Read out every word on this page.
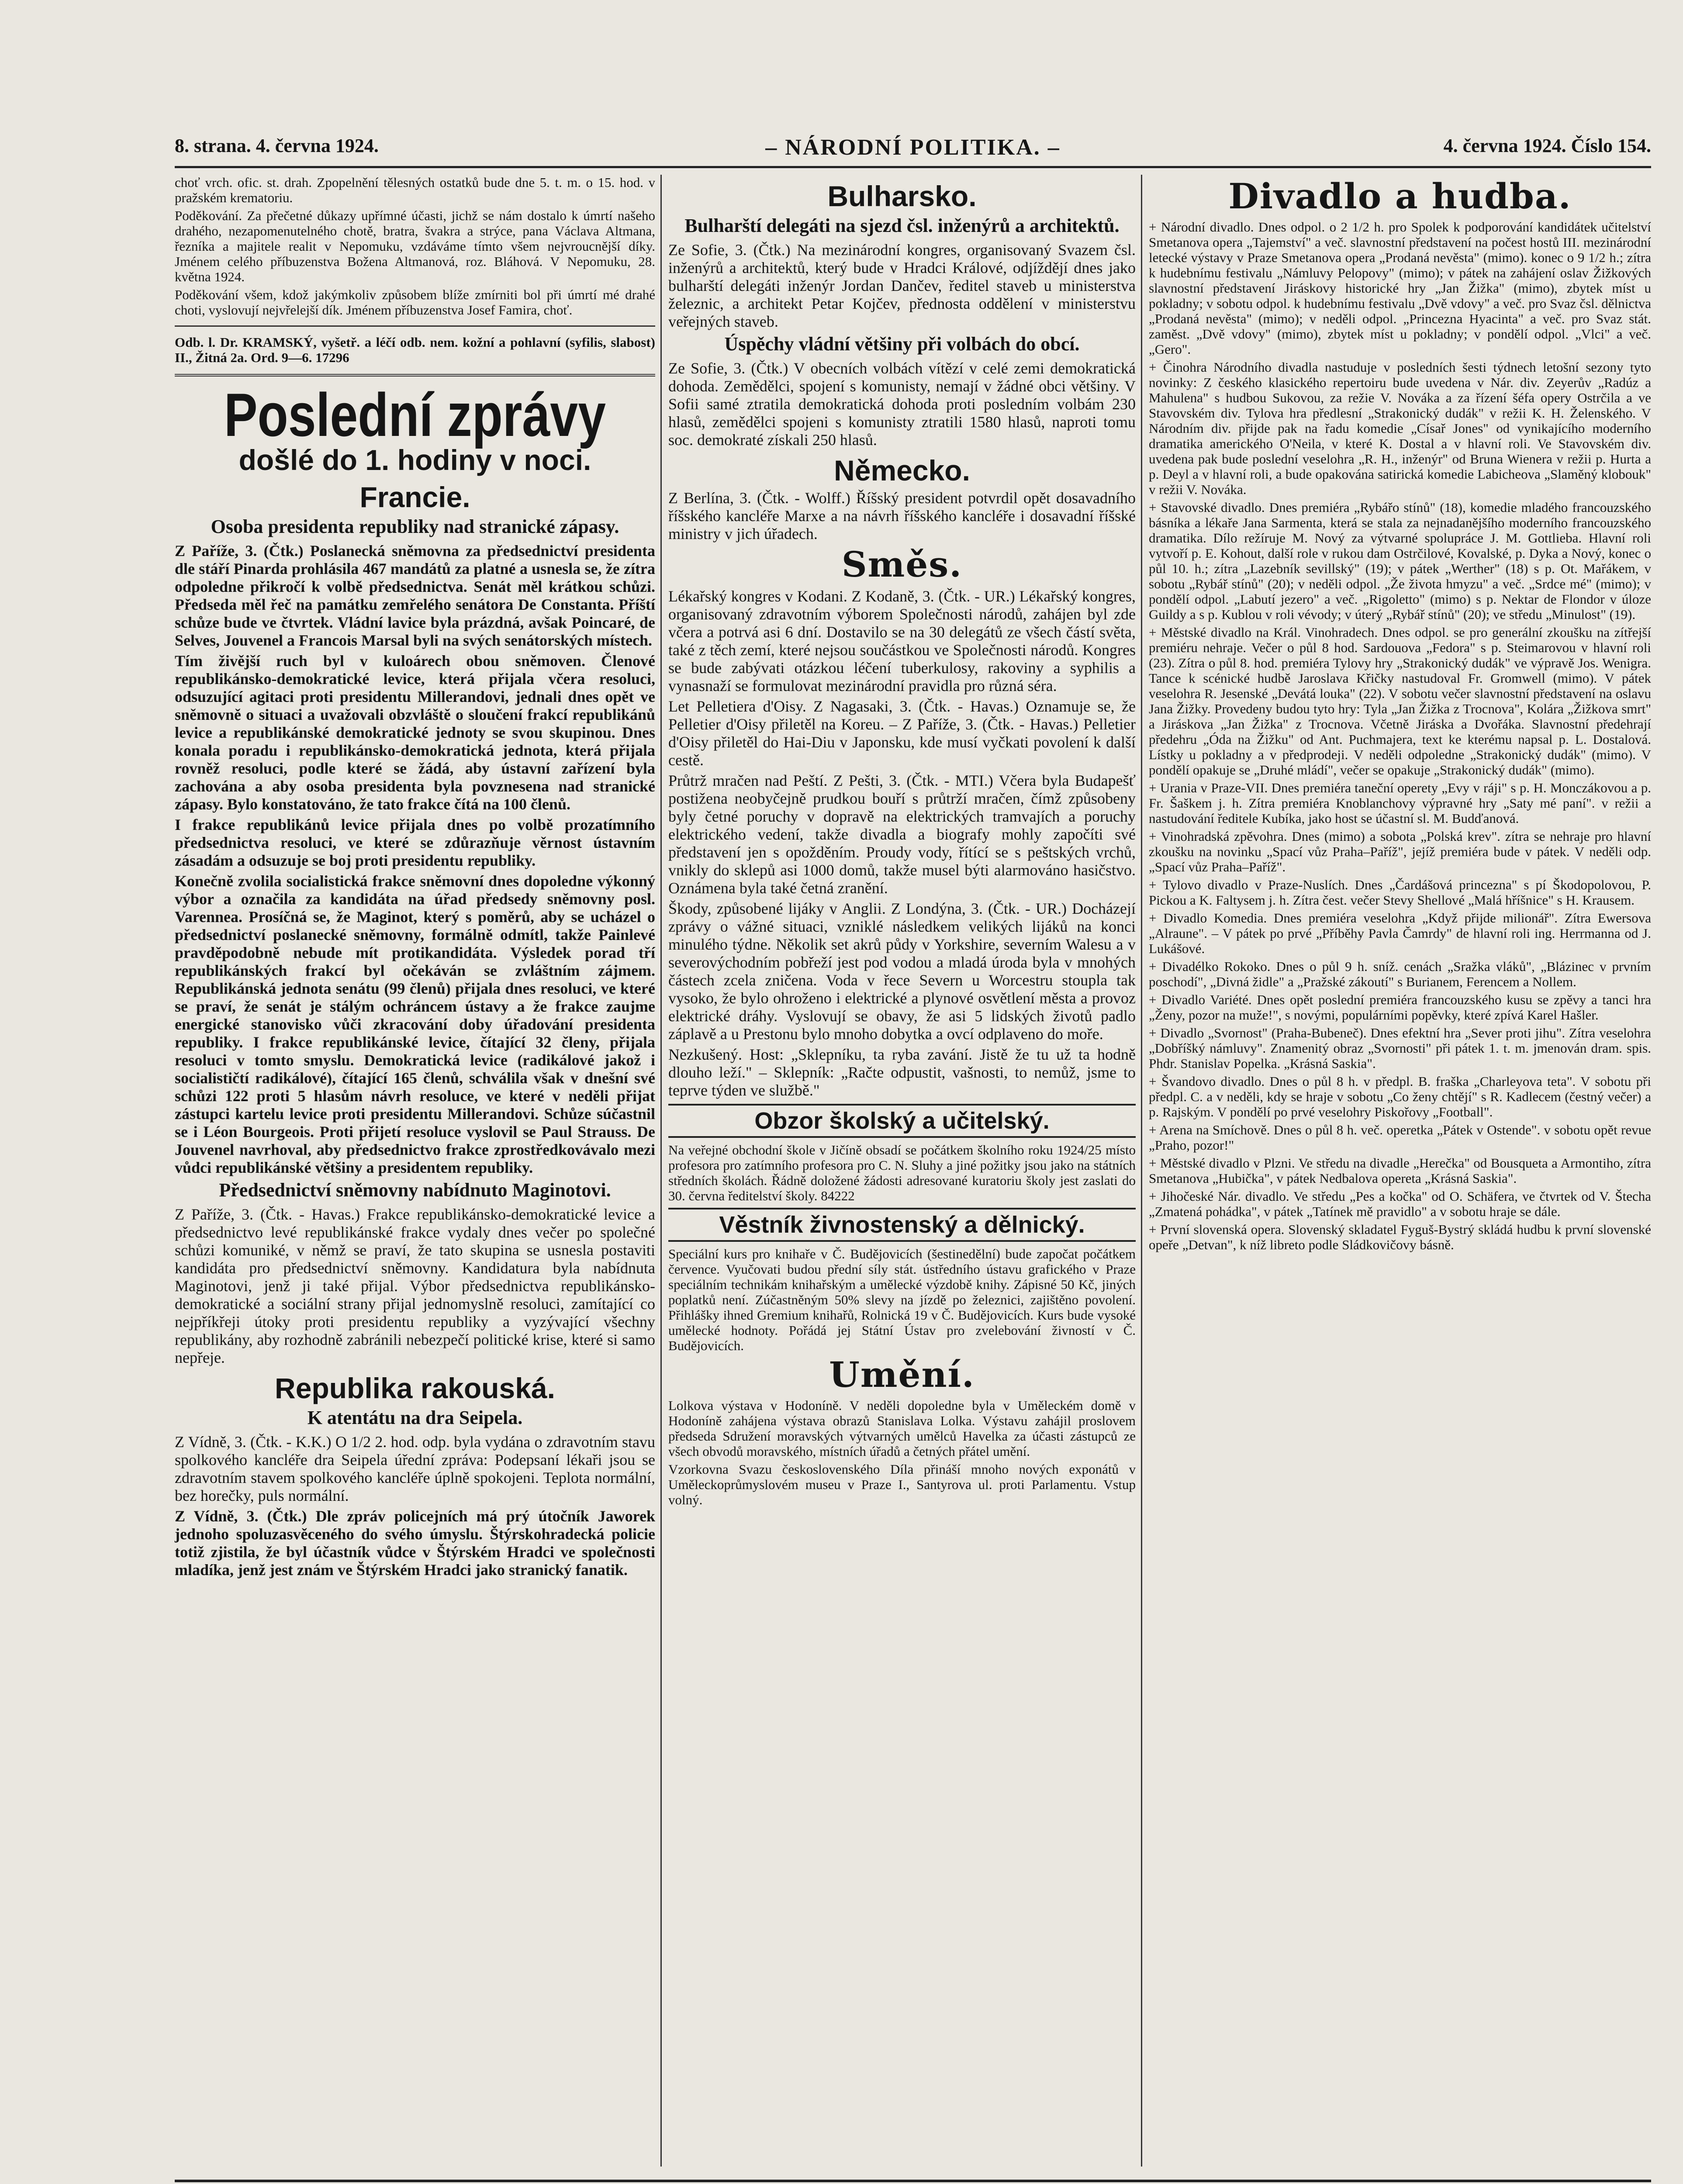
8. strana. 4. června 1924.	– NÁRODNÍ POLITIKA. –	4. června 1924. Číslo 154.

choť vrch. ofic. st. drah. Zpopelnění tělesných ostatků bude dne 5. t. m. o 15. hod. v pražském krematoriu.

Poděkování. Za přečetné důkazy upřímné účasti, jichž se nám dostalo k úmrtí našeho drahého, nezapomenutelného chotě, bratra, švakra a strýce, pana Václava Altmana, řezníka a majitele realit v Nepomuku, vzdáváme tímto všem nejvroucnější díky. Jménem celého příbuzenstva Božena Altmanová, roz. Bláhová. V Nepomuku, 28. května 1924.

Poděkování všem, kdož jakýmkoliv způsobem blíže zmírniti bol při úmrtí mé drahé choti, vyslovují nejvřelejší dík. Jménem příbuzenstva Josef Famira, choť.

Odb. l. Dr. KRAMSKÝ, vyšetř. a léčí odb. nem. kožní a pohlavní (syfilis, slabost) II., Žitná 2a. Ord. 9—6. 17296

Poslední zprávy
došlé do 1. hodiny v noci.
Francie.
Osoba presidenta republiky nad stranické zápasy.

Z Paříže, 3. (Čtk.) Poslanecká sněmovna za předsednictví presidenta dle stáří Pinarda prohlásila 467 mandátů za platné a usnesla se, že zítra odpoledne přikročí k volbě předsednictva. Senát měl krátkou schůzi. Předseda měl řeč na památku zemřelého senátora De Constanta. Příští schůze bude ve čtvrtek. Vládní lavice byla prázdná, avšak Poincaré, de Selves, Jouvenel a Francois Marsal byli na svých senátorských místech.

Tím živější ruch byl v kuloárech obou sněmoven. Členové republikánsko-demokratické levice, která přijala včera resoluci, odsuzující agitaci proti presidentu Millerandovi, jednali dnes opět ve sněmovně o situaci a uvažovali obzvláště o sloučení frakcí republikánů levice a republikánské demokratické jednoty se svou skupinou. Dnes konala poradu i republikánsko-demokratická jednota, která přijala rovněž resoluci, podle které se žádá, aby ústavní zařízení byla zachována a aby osoba presidenta byla povznesena nad stranické zápasy. Bylo konstatováno, že tato frakce čítá na 100 členů.

I frakce republikánů levice přijala dnes po volbě prozatímního předsednictva resoluci, ve které se zdůrazňuje věrnost ústavním zásadám a odsuzuje se boj proti presidentu republiky.

Konečně zvolila socialistická frakce sněmovní dnes dopoledne výkonný výbor a označila za kandidáta na úřad předsedy sněmovny posl. Varennea. Prosíčná se, že Maginot, který s poměrů, aby se ucházel o předsednictví poslanecké sněmovny, formálně odmítl, takže Painlevé pravděpodobně nebude mít protikandidáta. Výsledek porad tří republikánských frakcí byl očekáván se zvláštním zájmem. Republikánská jednota senátu (99 členů) přijala dnes resoluci, ve které se praví, že senát je stálým ochráncem ústavy a že frakce zaujme energické stanovisko vůči zkracování doby úřadování presidenta republiky. I frakce republikánské levice, čítající 32 členy, přijala resoluci v tomto smyslu. Demokratická levice (radikálové jakož i socialističtí radikálové), čítající 165 členů, schválila však v dnešní své schůzi 122 proti 5 hlasům návrh resoluce, ve které v neděli přijat zástupci kartelu levice proti presidentu Millerandovi. Schůze súčastnil se i Léon Bourgeois. Proti přijetí resoluce vyslovil se Paul Strauss. De Jouvenel navrhoval, aby předsednictvo frakce zprostředkovávalo mezi vůdci republikánské většiny a presidentem republiky.

Předsednictví sněmovny nabídnuto Maginotovi.

Z Paříže, 3. (Čtk. - Havas.) Frakce republikánsko-demokratické levice a předsednictvo levé republikánské frakce vydaly dnes večer po společné schůzi komuniké, v němž se praví, že tato skupina se usnesla postaviti kandidáta pro předsednictví sněmovny. Kandidatura byla nabídnuta Maginotovi, jenž ji také přijal. Výbor předsednictva republikánsko-demokratické a sociální strany přijal jednomyslně resoluci, zamítající co nejpříkřeji útoky proti presidentu republiky a vyzývající všechny republikány, aby rozhodně zabránili nebezpečí politické krise, které si samo nepřeje.

Republika rakouská.
K atentátu na dra Seipela.

Z Vídně, 3. (Čtk. - K.K.) O 1/2 2. hod. odp. byla vydána o zdravotním stavu spolkového kancléře dra Seipela úřední zpráva: Podepsaní lékaři jsou se zdravotním stavem spolkového kancléře úplně spokojeni. Teplota normální, bez horečky, puls normální.

Z Vídně, 3. (Čtk.) Dle zpráv policejních má prý útočník Jaworek jednoho spoluzasvěceného do svého úmyslu. Štýrskohradecká policie totiž zjistila, že byl účastník vůdce v Štýrském Hradci ve společnosti mladíka, jenž jest znám ve Štýrském Hradci jako stranický fanatik.

Bulharsko.
Bulharští delegáti na sjezd čsl. inženýrů a architektů.

Ze Sofie, 3. (Čtk.) Na mezinárodní kongres, organisovaný Svazem čsl. inženýrů a architektů, který bude v Hradci Králové, odjíždějí dnes jako bulharští delegáti inženýr Jordan Dančev, ředitel staveb u ministerstva železnic, a architekt Petar Kojčev, přednosta oddělení v ministerstvu veřejných staveb.

Úspěchy vládní většiny při volbách do obcí.

Ze Sofie, 3. (Čtk.) V obecních volbách vítězí v celé zemi demokratická dohoda. Zemědělci, spojení s komunisty, nemají v žádné obci většiny. V Sofii samé ztratila demokratická dohoda proti posledním volbám 230 hlasů, zemědělci spojeni s komunisty ztratili 1580 hlasů, naproti tomu soc. demokraté získali 250 hlasů.

Německo.

Z Berlína, 3. (Čtk. - Wolff.) Říšský president potvrdil opět dosavadního říšského kancléře Marxe a na návrh říšského kancléře i dosavadní říšské ministry v jich úřadech.

Směs.

Lékařský kongres v Kodani. Z Kodaně, 3. (Čtk. - UR.) Lékařský kongres, organisovaný zdravotním výborem Společnosti národů, zahájen byl zde včera a potrvá asi 6 dní. Dostavilo se na 30 delegátů ze všech částí světa, také z těch zemí, které nejsou součástkou ve Společnosti národů. Kongres se bude zabývati otázkou léčení tuberkulosy, rakoviny a syphilis a vynasnaží se formulovat mezinárodní pravidla pro různá séra.

Let Pelletiera d'Oisy. Z Nagasaki, 3. (Čtk. - Havas.) Oznamuje se, že Pelletier d'Oisy přiletěl na Koreu. – Z Paříže, 3. (Čtk. - Havas.) Pelletier d'Oisy přiletěl do Hai-Diu v Japonsku, kde musí vyčkati povolení k další cestě.

Průtrž mračen nad Peští. Z Pešti, 3. (Čtk. - MTI.) Včera byla Budapešť postižena neobyčejně prudkou bouří s průtrží mračen, čímž způsobeny byly četné poruchy v dopravě na elektrických tramvajích a poruchy elektrického vedení, takže divadla a biografy mohly započíti své představení jen s opožděním. Proudy vody, řítící se s peštských vrchů, vnikly do sklepů asi 1000 domů, takže musel býti alarmováno hasičstvo. Oznámena byla také četná zranění.

Škody, způsobené lijáky v Anglii. Z Londýna, 3. (Čtk. - UR.) Docházejí zprávy o vážné situaci, vzniklé následkem velikých lijáků na konci minulého týdne. Několik set akrů půdy v Yorkshire, severním Walesu a v severovýchodním pobřeží jest pod vodou a mladá úroda byla v mnohých částech zcela zničena. Voda v řece Severn u Worcestru stoupla tak vysoko, že bylo ohroženo i elektrické a plynové osvětlení města a provoz elektrické dráhy. Vyslovují se obavy, že asi 5 lidských životů padlo záplavě a u Prestonu bylo mnoho dobytka a ovcí odplaveno do moře.

Nezkušený. Host: „Sklepníku, ta ryba zavání. Jistě že tu už ta hodně dlouho leží." – Sklepník: „Račte odpustit, vašnosti, to nemůž, jsme to teprve týden ve službě."

Obzor školský a učitelský.

Na veřejné obchodní škole v Jičíně obsadí se počátkem školního roku 1924/25 místo profesora pro zatímního profesora pro C. N. Sluhy a jiné požitky jsou jako na státních středních školách. Řádně doložené žádosti adresované kuratoriu školy jest zaslati do 30. června ředitelství školy. 84222

Věstník živnostenský a dělnický.

Speciální kurs pro knihaře v Č. Budějovicích (šestinedělní) bude započat počátkem července. Vyučovati budou přední síly stát. ústředního ústavu grafického v Praze speciálním technikám knihařským a umělecké výzdobě knihy. Zápisné 50 Kč, jiných poplatků není. Zúčastněným 50% slevy na jízdě po železnici, zajištěno povolení. Přihlášky ihned Gremium knihařů, Rolnická 19 v Č. Budějovicích. Kurs bude vysoké umělecké hodnoty. Pořádá jej Státní Ústav pro zvelebování živností v Č. Budějovicích.

Umění.

Lolkova výstava v Hodoníně. V neděli dopoledne byla v Uměleckém domě v Hodoníně zahájena výstava obrazů Stanislava Lolka. Výstavu zahájil proslovem předseda Sdružení moravských výtvarných umělců Havelka za účasti zástupců ze všech obvodů moravského, místních úřadů a četných přátel umění.

Vzorkovna Svazu československého Díla přináší mnoho nových exponátů v Uměleckoprůmyslovém museu v Praze I., Santyrova ul. proti Parlamentu. Vstup volný.

Divadlo a hudba.

+ Národní divadlo. Dnes odpol. o 2 1/2 h. pro Spolek k podporování kandidátek učitelství Smetanova opera „Tajemství" a več. slavnostní představení na počest hostů III. mezinárodní letecké výstavy v Praze Smetanova opera „Prodaná nevěsta" (mimo). konec o 9 1/2 h.; zítra k hudebnímu festivalu „Námluvy Pelopovy" (mimo); v pátek na zahájení oslav Žižkových slavnostní představení Jiráskovy historické hry „Jan Žižka" (mimo), zbytek míst u pokladny; v sobotu odpol. k hudebnímu festivalu „Dvě vdovy" a več. pro Svaz čsl. dělnictva „Prodaná nevěsta" (mimo); v neděli odpol. „Princezna Hyacinta" a več. pro Svaz stát. zaměst. „Dvě vdovy" (mimo), zbytek míst u pokladny; v pondělí odpol. „Vlci" a več. „Gero".

+ Činohra Národního divadla nastuduje v posledních šesti týdnech letošní sezony tyto novinky: Z českého klasického repertoiru bude uvedena v Nár. div. Zeyerův „Radúz a Mahulena" s hudbou Sukovou, za režie V. Nováka a za řízení šéfa opery Ostrčila a ve Stavovském div. Tylova hra předlesní „Strakonický dudák" v režii K. H. Želenského. V Národním div. přijde pak na řadu komedie „Císař Jones" od vynikajícího moderního dramatika amerického O'Neila, v které K. Dostal a v hlavní roli. Ve Stavovském div. uvedena pak bude poslední veselohra „R. H., inženýr" od Bruna Wienera v režii p. Hurta a p. Deyl a v hlavní roli, a bude opakována satirická komedie Labicheova „Slaměný klobouk" v režii V. Nováka.

+ Stavovské divadlo. Dnes premiéra „Rybářo stínů" (18), komedie mladého francouzského básníka a lékaře Jana Sarmenta, která se stala za nejnadanějšího moderního francouzského dramatika. Dílo režíruje M. Nový za výtvarné spolupráce J. M. Gottlieba. Hlavní roli vytvoří p. E. Kohout, další role v rukou dam Ostrčilové, Kovalské, p. Dyka a Nový, konec o půl 10. h.; zítra „Lazebník sevillský" (19); v pátek „Werther" (18) s p. Ot. Mařákem, v sobotu „Rybář stínů" (20); v neděli odpol. „Že života hmyzu" a več. „Srdce mé" (mimo); v pondělí odpol. „Labutí jezero" a več. „Rigoletto" (mimo) s p. Nektar de Flondor v úloze Guildy a s p. Kublou v roli vévody; v úterý „Rybář stínů" (20); ve středu „Minulost" (19).

+ Městské divadlo na Král. Vinohradech. Dnes odpol. se pro generální zkoušku na zítřejší premiéru nehraje. Večer o půl 8 hod. Sardouova „Fedora" s p. Steimarovou v hlavní roli (23). Zítra o půl 8. hod. premiéra Tylovy hry „Strakonický dudák" ve výpravě Jos. Wenigra. Tance k scénické hudbě Jaroslava Křičky nastudoval Fr. Gromwell (mimo). V pátek veselohra R. Jesenské „Devátá louka" (22). V sobotu večer slavnostní představení na oslavu Jana Žižky. Provedeny budou tyto hry: Tyla „Jan Žižka z Trocnova", Kolára „Žižkova smrt" a Jiráskova „Jan Žižka" z Trocnova. Včetně Jiráska a Dvořáka. Slavnostní předehrají předehru „Óda na Žižku" od Ant. Puchmajera, text ke kterému napsal p. L. Dostalová. Lístky u pokladny a v předprodeji. V neděli odpoledne „Strakonický dudák" (mimo). V pondělí opakuje se „Druhé mládí", večer se opakuje „Strakonický dudák" (mimo).

+ Urania v Praze-VII. Dnes premiéra taneční operety „Evy v ráji" s p. H. Monczákovou a p. Fr. Šaškem j. h. Zítra premiéra Knoblanchovy výpravné hry „Saty mé paní". v režii a nastudování ředitele Kubíka, jako host se účastní sl. M. Budďanová.

+ Vinohradská zpěvohra. Dnes (mimo) a sobota „Polská krev". zítra se nehraje pro hlavní zkoušku na novinku „Spací vůz Praha–Paříž", jejíž premiéra bude v pátek. V neděli odp. „Spací vůz Praha–Paříž".

+ Tylovo divadlo v Praze-Nuslích. Dnes „Čardášová princezna" s pí Škodopolovou, P. Pickou a K. Faltysem j. h. Zítra čest. večer Stevy Shellové „Malá hříšnice" s H. Krausem.

+ Divadlo Komedia. Dnes premiéra veselohra „Když přijde milionář". Zítra Ewersova „Alraune". – V pátek po prvé „Příběhy Pavla Čamrdy" de hlavní roli ing. Herrmanna od J. Lukášové.

+ Divadélko Rokoko. Dnes o půl 9 h. sníž. cenách „Sražka vláků", „Blázinec v prvním poschodí", „Divná židle" a „Pražské zákoutí" s Burianem, Ferencem a Nollem.

+ Divadlo Variété. Dnes opět poslední premiéra francouzského kusu se zpěvy a tanci hra „Ženy, pozor na muže!", s novými, populárními popěvky, které zpívá Karel Hašler.

+ Divadlo „Svornost" (Praha-Bubeneč). Dnes efektní hra „Sever proti jihu". Zítra veselohra „Dobříšký námluvy". Znamenitý obraz „Svornosti" při pátek 1. t. m. jmenován dram. spis. Phdr. Stanislav Popelka. „Krásná Saskia".

+ Švandovo divadlo. Dnes o půl 8 h. v předpl. B. fraška „Charleyova teta". V sobotu při předpl. C. a v neděli, kdy se hraje v sobotu „Co ženy chtějí" s R. Kadlecem (čestný večer) a p. Rajským. V pondělí po prvé veselohry Piskořovy „Football".

+ Arena na Smíchově. Dnes o půl 8 h. več. operetka „Pátek v Ostende". v sobotu opět revue „Praho, pozor!"

+ Městské divadlo v Plzni. Ve středu na divadle „Herečka" od Bousqueta a Armontiho, zítra Smetanova „Hubička", v pátek Nedbalova opereta „Krásná Saskia".

+ Jihočeské Nár. divadlo. Ve středu „Pes a kočka" od O. Schäfera, ve čtvrtek od V. Štecha „Zmatená pohádka", v pátek „Tatínek mě pravidlo" a v sobotu hraje se dále.

+ První slovenská opera. Slovenský skladatel Fyguš-Bystrý skládá hudbu k první slovenské opeře „Detvan", k níž libreto podle Sládkovičovy básně.
